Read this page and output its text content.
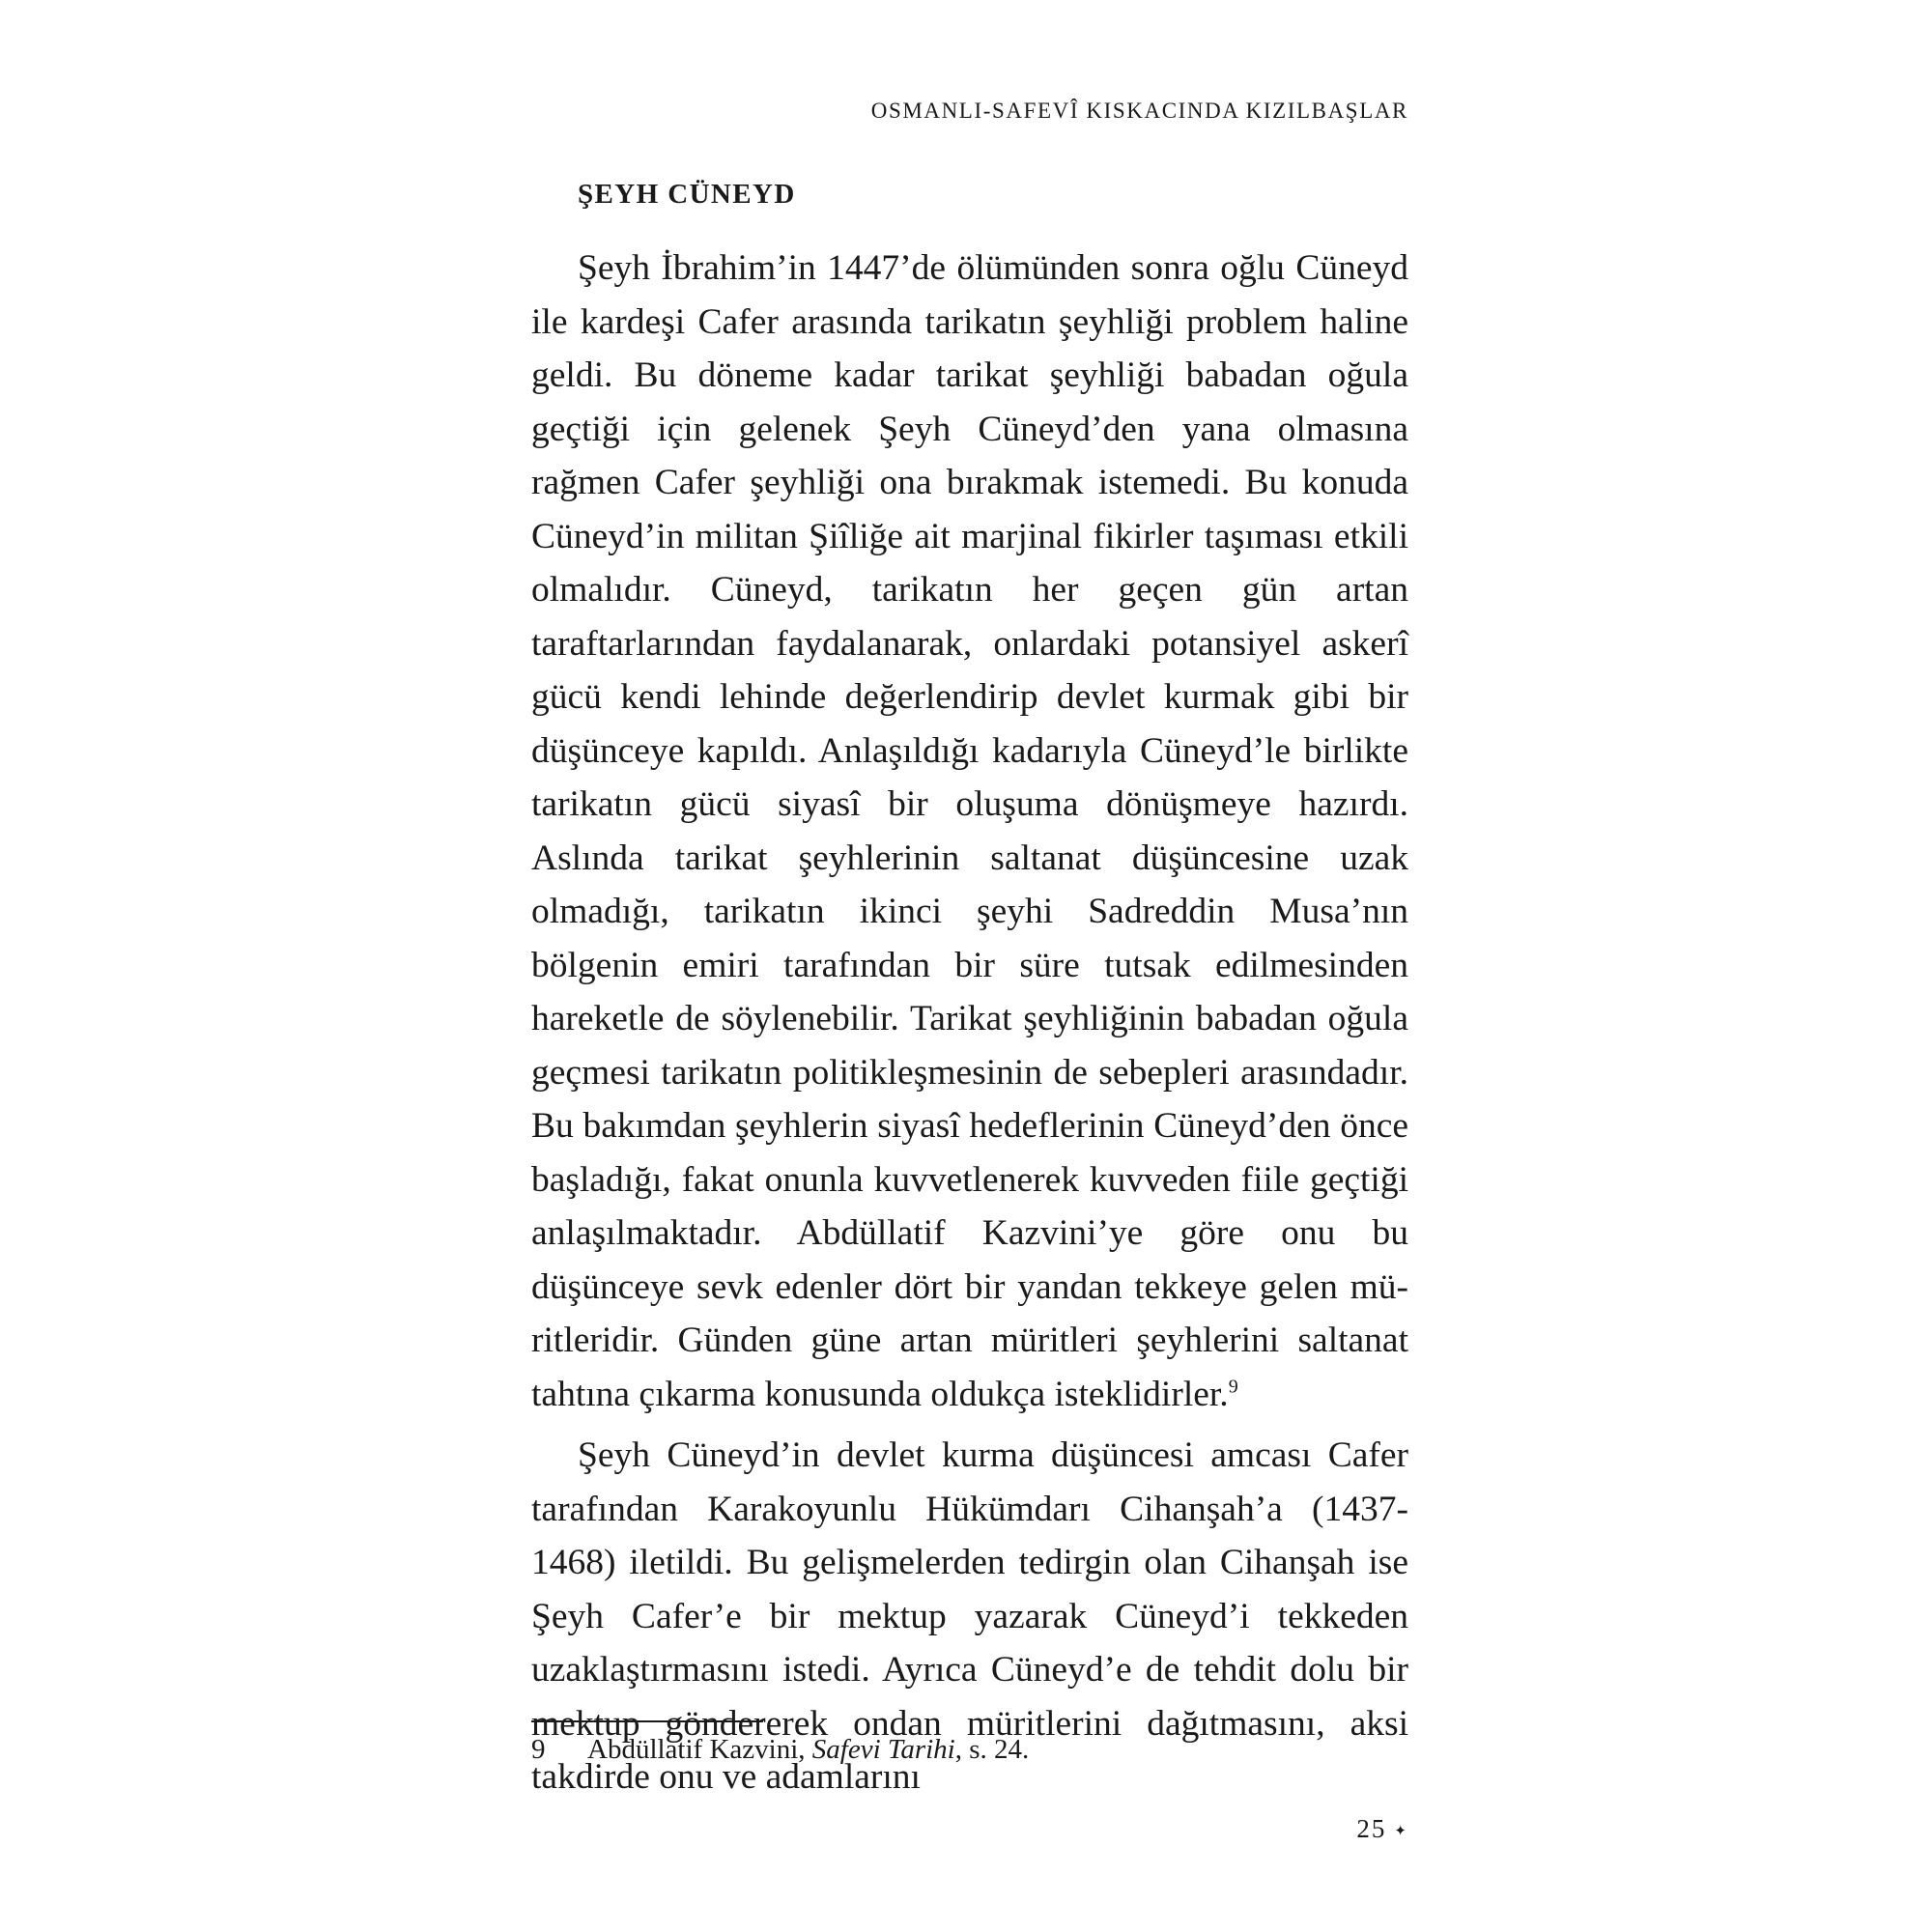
OSMANLI-SAFEVÎ KISKACINDA KIZILBAŞLAR
ŞEYH CÜNEYD

Şeyh İbrahim’in 1447’de ölümünden sonra oğlu Cüneyd ile kardeşi Cafer arasında tarikatın şeyhliği problem haline geldi. Bu döneme kadar tarikat şeyhliği babadan oğula geçtiği için gelenek Şeyh Cüneyd’den yana olmasına rağmen Cafer şeyhliği ona bırakmak istemedi. Bu konuda Cüneyd’in militan Şiîliğe ait marjinal fikirler taşıması etkili olmalıdır. Cüneyd, tarikatın her geçen gün artan taraftarlarından faydalanarak, onlardaki potansiyel askerî gücü kendi lehinde değerlendirip devlet kurmak gibi bir düşünceye kapıldı. Anlaşıldığı kadarıyla Cüneyd’le birlikte tarikatın gücü siyasî bir oluşuma dönüşmeye hazırdı. Aslında tarikat şeyhlerinin saltanat düşüncesine uzak olmadığı, tarikatın ikinci şeyhi Sadreddin Musa’nın bölgenin emiri tarafından bir süre tutsak edilmesinden hareketle de söylenebilir. Tarikat şeyhliğinin babadan oğula geçmesi tarikatın politikleşmesinin de sebepleri arasındadır. Bu bakımdan şeyhlerin siyasî hedeflerinin Cüneyd’den önce başladığı, fakat onunla kuvvetlenerek kuvveden fiile geçtiği anlaşılmaktadır. Abdüllatif Kazvini’ye göre onu bu düşünceye sevk edenler dört bir yandan tekkeye gelen müritleridir. Günden güne artan müritleri şeyhlerini saltanat tahtına çıkarma konusunda oldukça isteklidirler.$^9$

Şeyh Cüneyd’in devlet kurma düşüncesi amcası Cafer tarafından Karakoyunlu Hükümdarı Cihanşah’a (1437-1468) iletildi. Bu gelişmelerden tedirgin olan Cihanşah ise Şeyh Cafer’e bir mektup yazarak Cüneyd’i tekkeden uzaklaştırmasını istedi. Ayrıca Cüneyd’e de tehdit dolu bir mektup göndererek ondan müritlerini dağıtmasını, aksi takdirde onu ve adamlarını

9 Abdüllatif Kazvini, Safevi Tarihi, s. 24.
25 ✦
